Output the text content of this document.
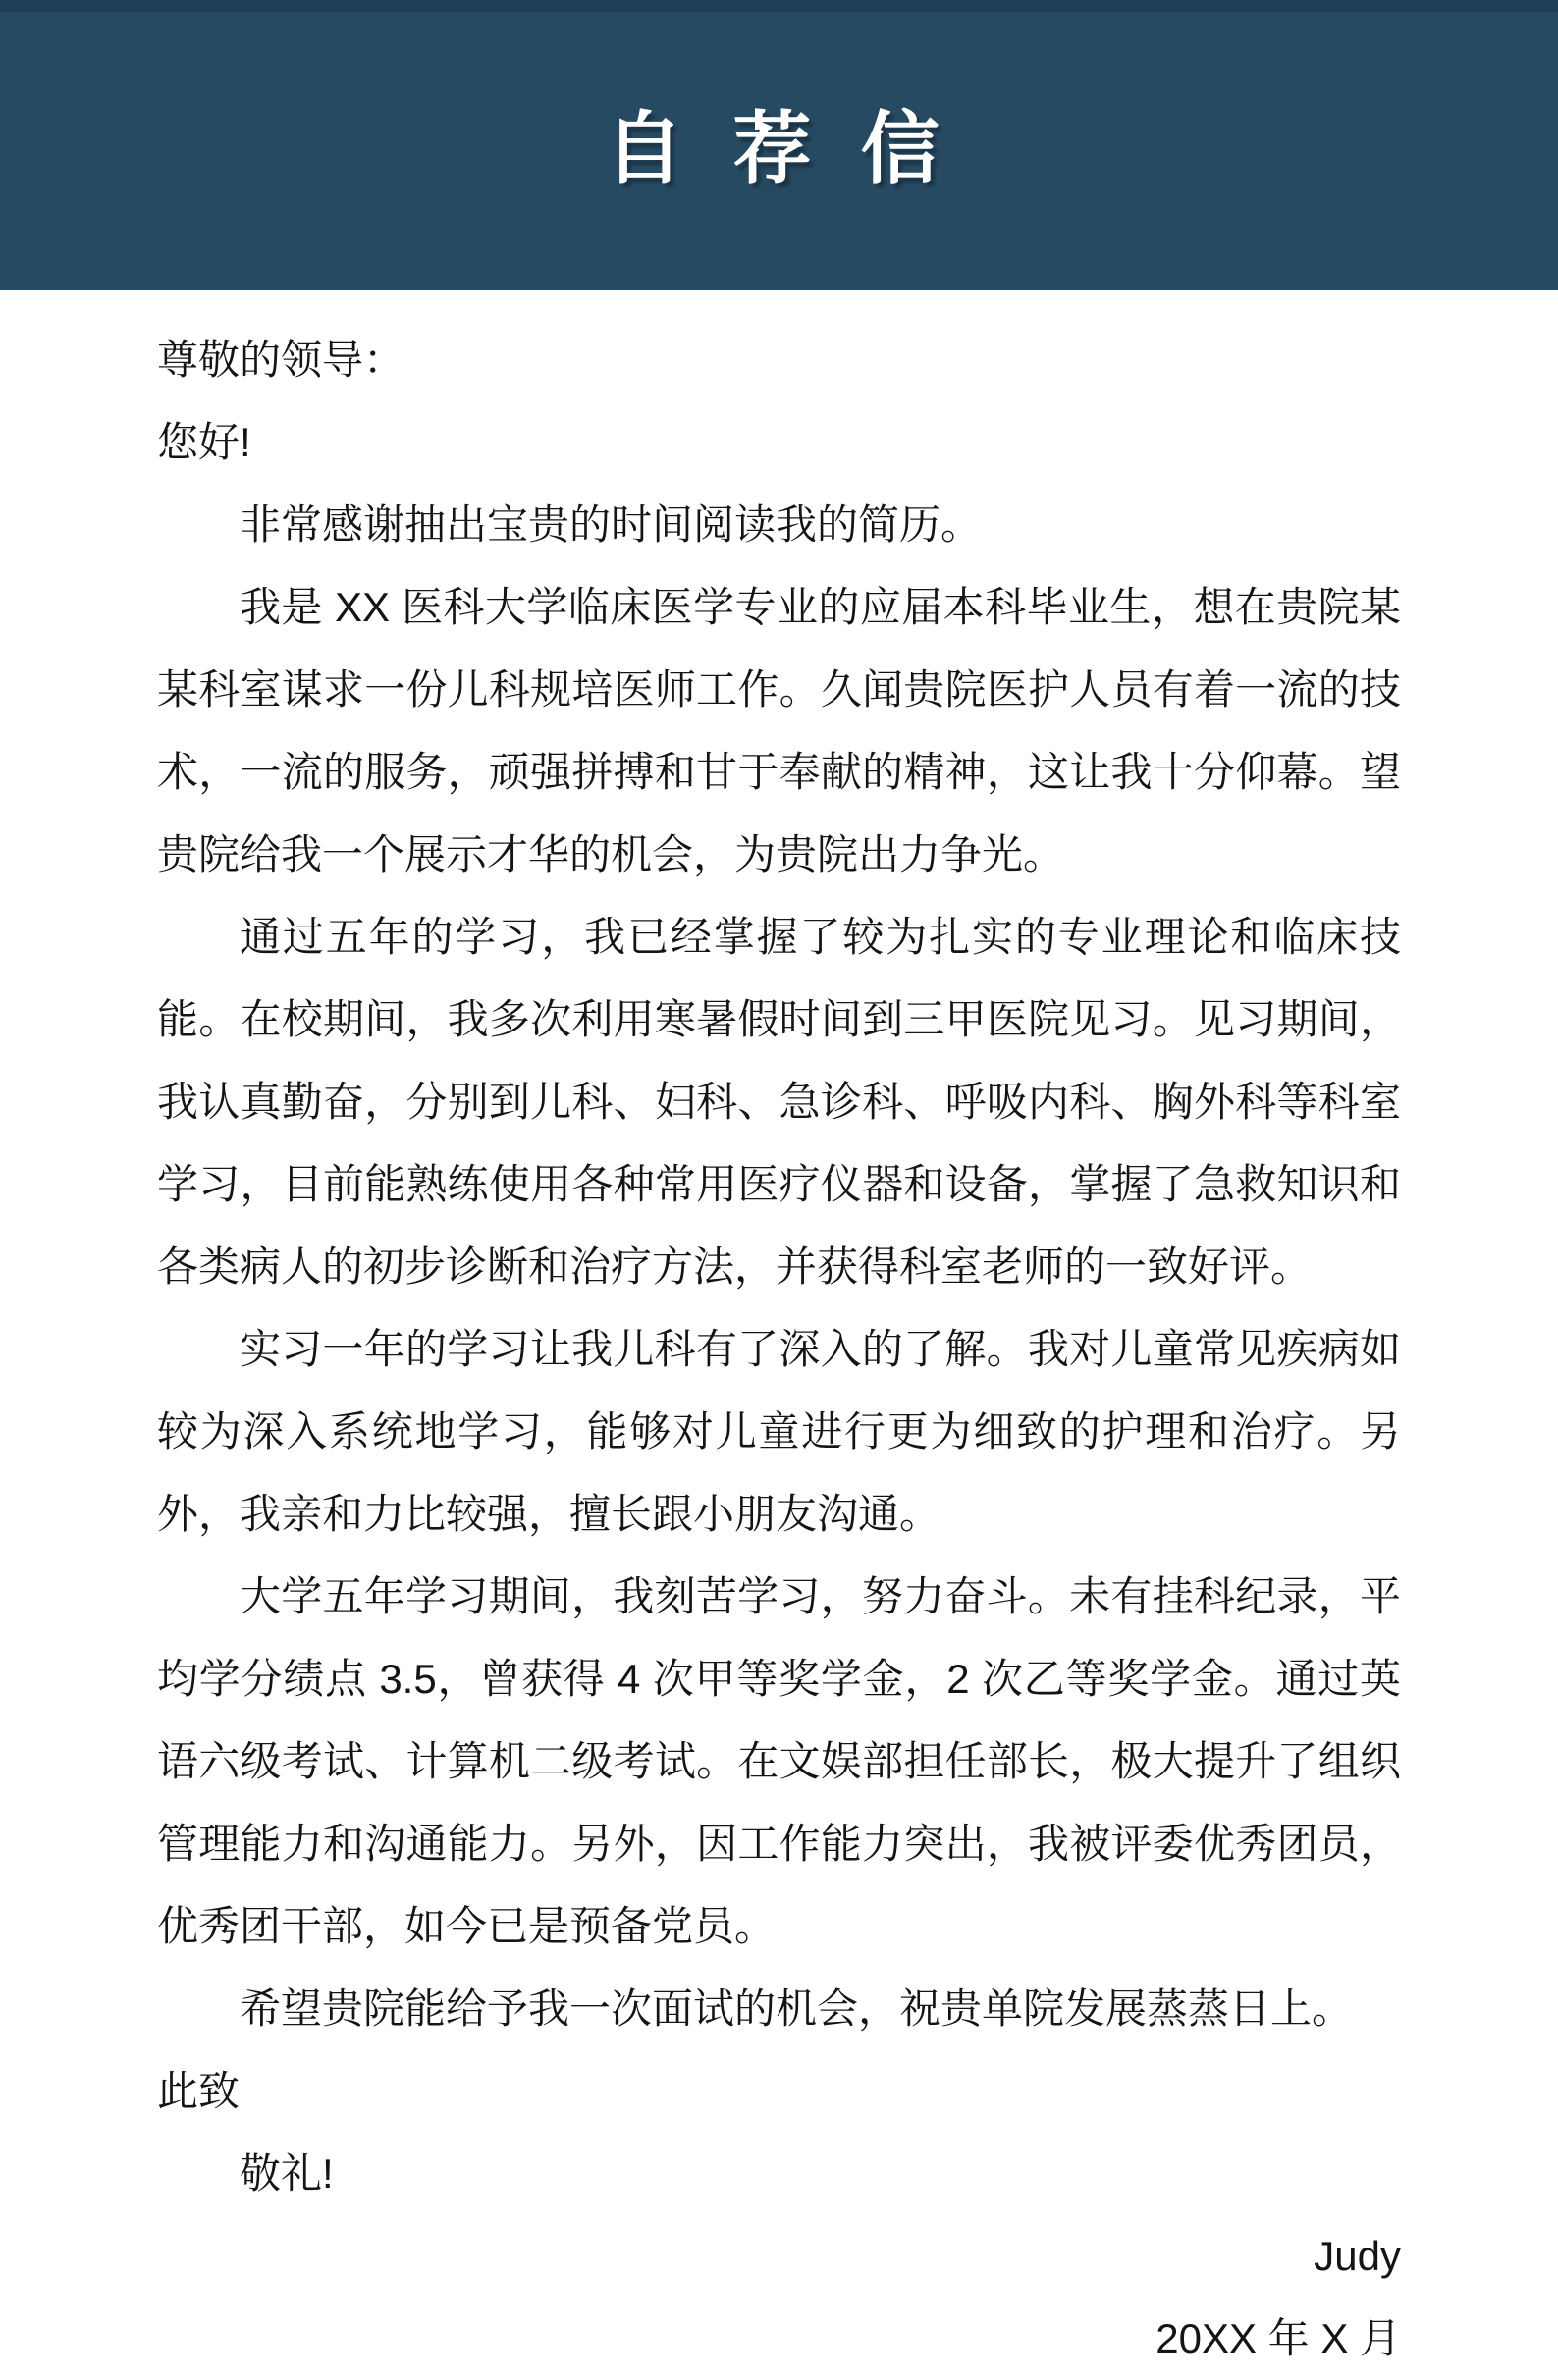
自 荐 信

尊敬的领导：

您好!

非常感谢抽出宝贵的时间阅读我的简历。

我是 XX 医科大学临床医学专业的应届本科毕业生，想在贵院某某科室谋求一份儿科规培医师工作。久闻贵院医护人员有着一流的技术，一流的服务，顽强拼搏和甘于奉献的精神，这让我十分仰幕。望贵院给我一个展示才华的机会，为贵院出力争光。

通过五年的学习，我已经掌握了较为扎实的专业理论和临床技能。在校期间，我多次利用寒暑假时间到三甲医院见习。见习期间，我认真勤奋，分别到儿科、妇科、急诊科、呼吸内科、胸外科等科室学习，目前能熟练使用各种常用医疗仪器和设备，掌握了急救知识和各类病人的初步诊断和治疗方法，并获得科室老师的一致好评。

实习一年的学习让我儿科有了深入的了解。我对儿童常见疾病如较为深入系统地学习，能够对儿童进行更为细致的护理和治疗。另外，我亲和力比较强，擅长跟小朋友沟通。

大学五年学习期间，我刻苦学习，努力奋斗。未有挂科纪录，平均学分绩点 3.5，曾获得 4 次甲等奖学金，2 次乙等奖学金。通过英语六级考试、计算机二级考试。在文娱部担任部长，极大提升了组织管理能力和沟通能力。另外，因工作能力突出，我被评委优秀团员，优秀团干部，如今已是预备党员。

希望贵院能给予我一次面试的机会，祝贵单院发展蒸蒸日上。

此致

敬礼!

Judy

20XX 年 X 月
